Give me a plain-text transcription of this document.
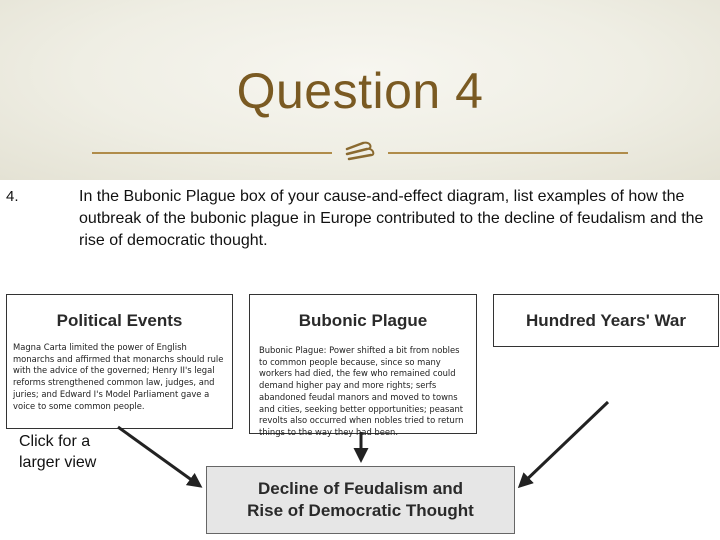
Question 4
4.	In the Bubonic Plague box of your cause-and-effect diagram, list examples of how the outbreak of the bubonic plague in Europe contributed to the decline of feudalism and the rise of democratic thought.
Political Events
Magna Carta limited the power of English monarchs and affirmed that monarchs should rule with the advice of the governed; Henry II's legal reforms strengthened common law, judges, and juries; and Edward I's Model Parliament gave a voice to some common people.
Bubonic Plague
Bubonic Plague: Power shifted a bit from nobles to common people because, since so many workers had died, the few who remained could demand higher pay and more rights; serfs abandoned feudal manors and moved to towns and cities, seeking better opportunities; peasant revolts also occurred when nobles tried to return things to the way they had been.
Hundred Years' War
Decline of Feudalism and
Rise of Democratic Thought
Click for a
larger view
